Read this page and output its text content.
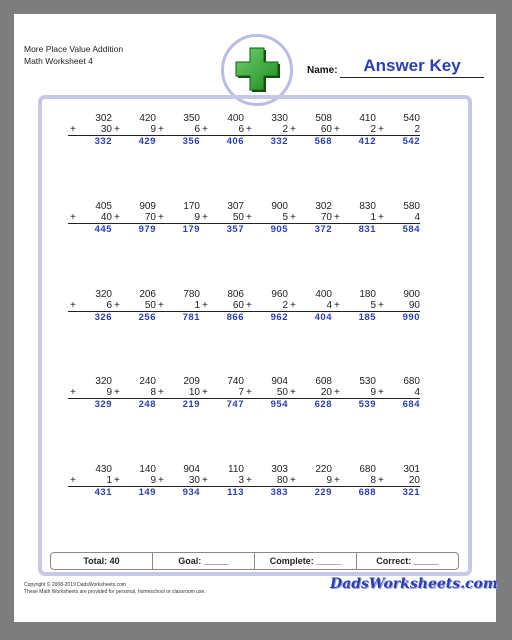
More Place Value Addition
Math Worksheet 4
Name:	Answer Key
302
+	30
332
420
+	9
429
350
+	6
356
400
+	6
406
330
+	2
332
508
+	60
568
410
+	2
412
540
+	2
542
405
+	40
445
909
+	70
979
170
+	9
179
307
+	50
357
900
+	5
905
302
+	70
372
830
+	1
831
580
+	4
584
320
+	6
326
206
+	50
256
780
+	1
781
806
+	60
866
960
+	2
962
400
+	4
404
180
+	5
185
900
+	90
990
320
+	9
329
240
+	8
248
209
+	10
219
740
+	7
747
904
+	50
954
608
+	20
628
530
+	9
539
680
+	4
684
430
+	1
431
140
+	9
149
904
+	30
934
110
+	3
113
303
+	80
383
220
+	9
229
680
+	8
688
301
+	20
321
Total: 40	Goal: _____	Complete: _____	Correct: _____
Copyright © 2008-2019 DadsWorksheets.com
These Math Worksheets are provided for personal, homeschool or classroom use.	DadsWorksheets.com
